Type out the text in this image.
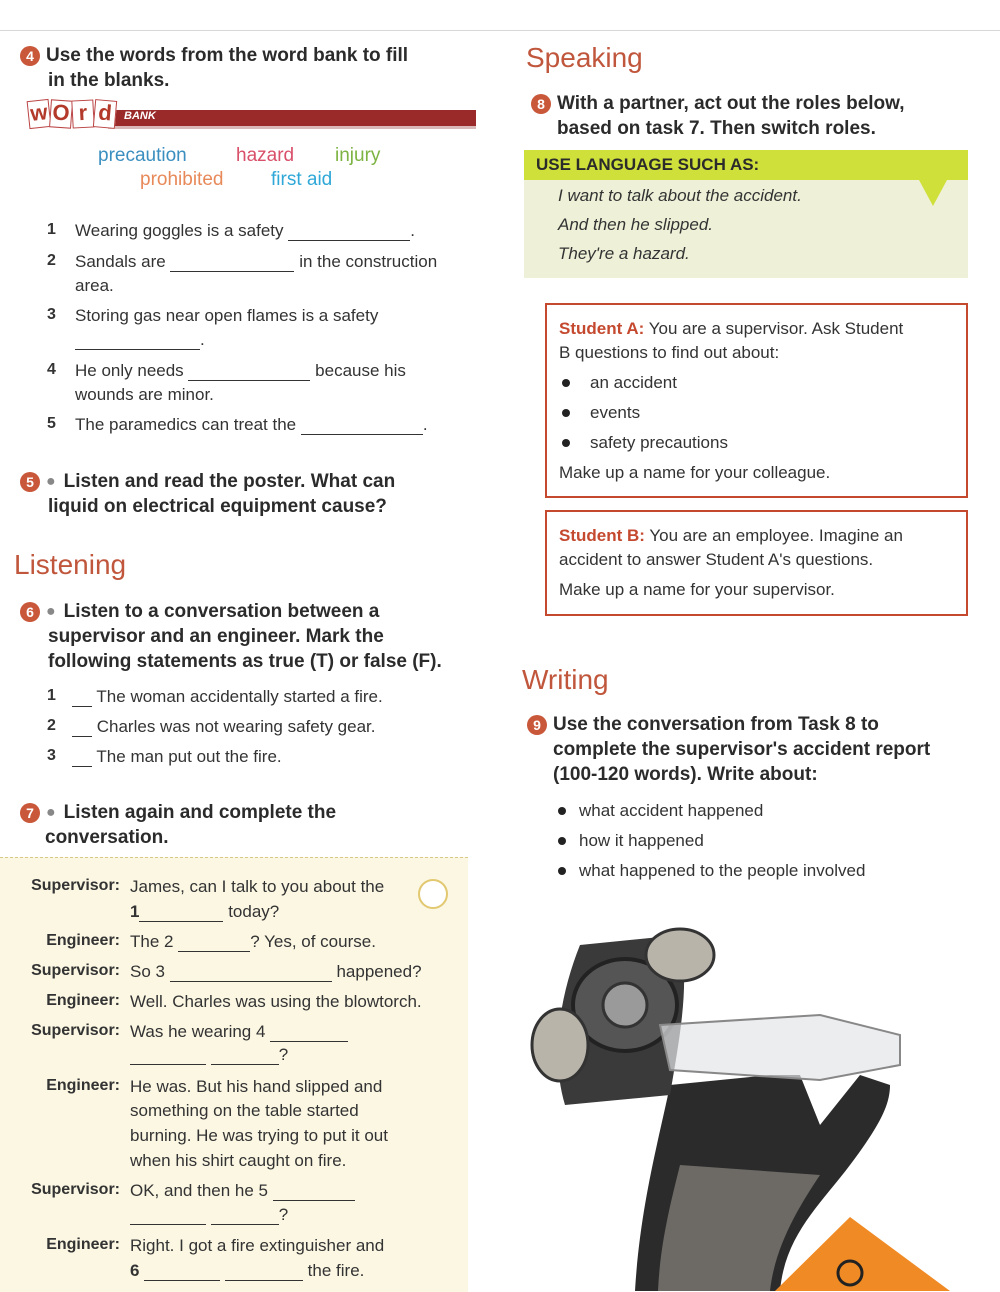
4 Use the words from the word bank to fill
in the blanks.
w O r d	BANK
precaution	hazard injury
prohibited	first aid
1 Wearing goggles is a safety	.
2 Sandals are	in the construction
area.
3 Storing gas near open flames is a safety
.
4 He only needs	because his
wounds are minor.
5 The paramedics can treat the	.
5 ● Listen and read the poster. What can
liquid on electrical equipment cause?
Listening
6 ● Listen to a conversation between a
supervisor and an engineer. Mark the
following statements as true (T) or false (F).
1	The woman accidentally started a fire.
2	Charles was not wearing safety gear.
3	The man put out the fire.
7 ● Listen again and complete the
conversation.
Supervisor: James, can I talk to you about the
1	today?
Engineer: The 2	? Yes, of course.
Supervisor: So 3	happened?
Engineer: Well. Charles was using the blowtorch.
Supervisor: Was he wearing 4
?
Engineer: He was. But his hand slipped and
something on the table started
burning. He was trying to put it out
when his shirt caught on fire.
Supervisor: OK, and then he 5
?
Engineer: Right. I got a fire extinguisher and
6	the fire.
Speaking
8 With a partner, act out the roles below,
based on task 7. Then switch roles.
USE LANGUAGE SUCH AS:
I want to talk about the accident.
And then he slipped.
They're a hazard.
Student A: You are a supervisor. Ask Student
B questions to find out about:
an accident
events
safety precautions
Make up a name for your colleague.
Student B: You are an employee. Imagine an
accident to answer Student A's questions.
Make up a name for your supervisor.
Writing
9 Use the conversation from Task 8 to
complete the supervisor's accident report
(100-120 words). Write about:
what accident happened
how it happened
what happened to the people involved
